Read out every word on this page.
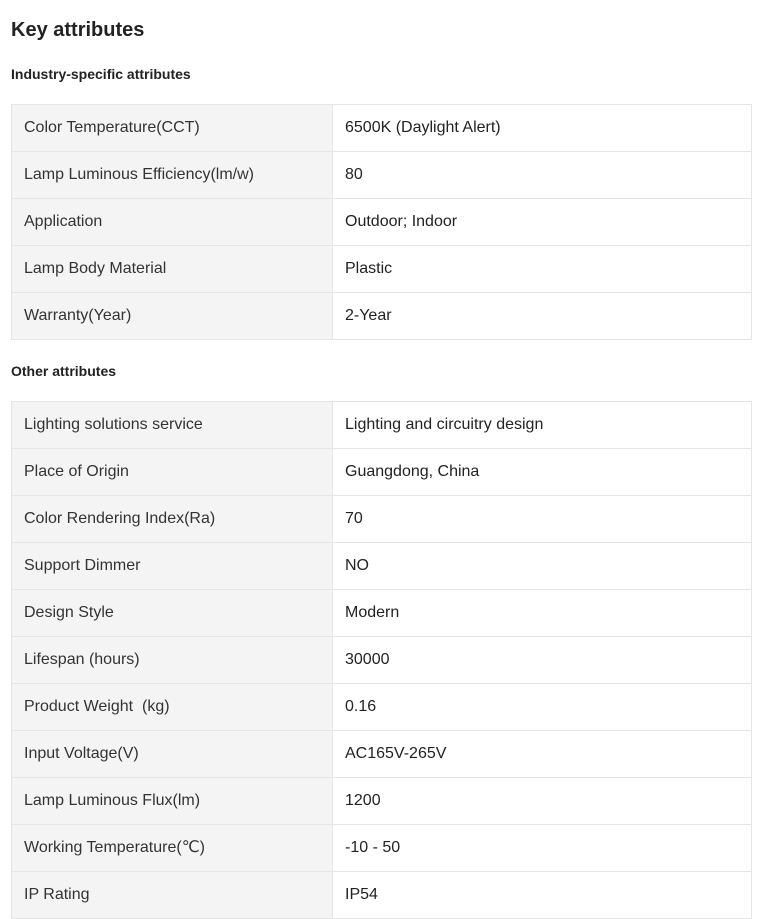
Key attributes
Industry-specific attributes
Color Temperature(CCT)	6500K (Daylight Alert)
Lamp Luminous Efficiency(lm/w)	80
Application	Outdoor; Indoor
Lamp Body Material	Plastic
Warranty(Year)	2-Year
Other attributes
Lighting solutions service	Lighting and circuitry design
Place of Origin	Guangdong, China
Color Rendering Index(Ra)	70
Support Dimmer	NO
Design Style	Modern
Lifespan (hours)	30000
Product Weight  (kg)	0.16
Input Voltage(V)	AC165V-265V
Lamp Luminous Flux(lm)	1200
Working Temperature(℃)	-10 - 50
IP Rating	IP54
